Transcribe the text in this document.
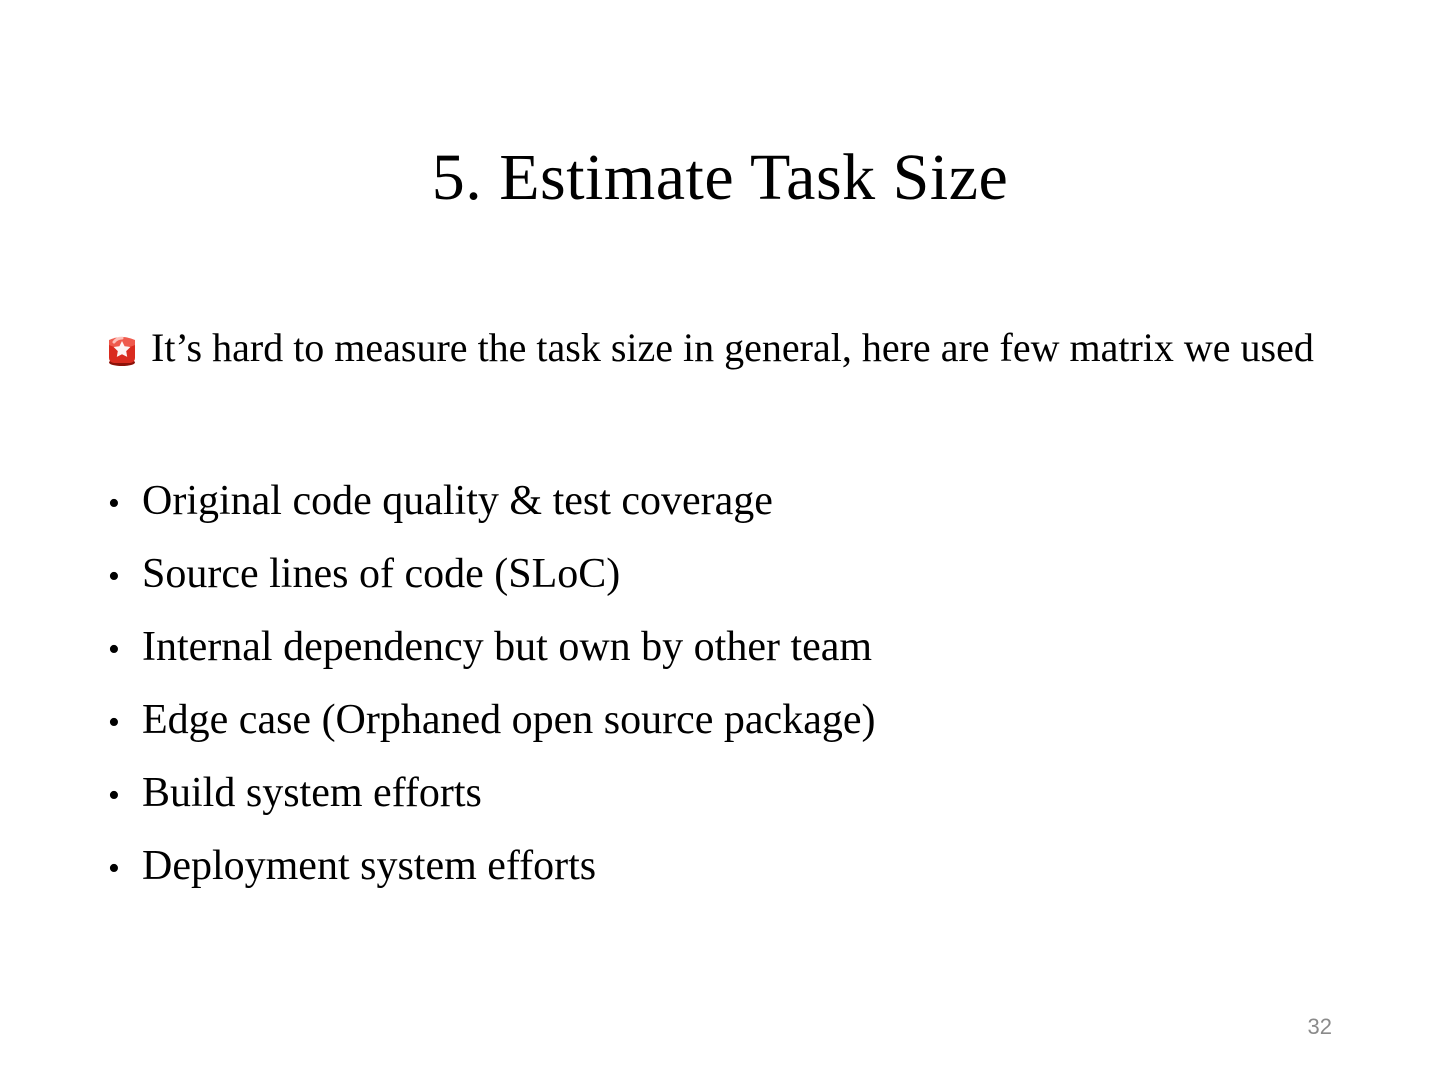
5. Estimate Task Size

It’s hard to measure the task size in general, here are few matrix we used

• Original code quality & test coverage
• Source lines of code (SLoC)
• Internal dependency but own by other team
• Edge case (Orphaned open source package)
• Build system efforts
• Deployment system efforts
32
